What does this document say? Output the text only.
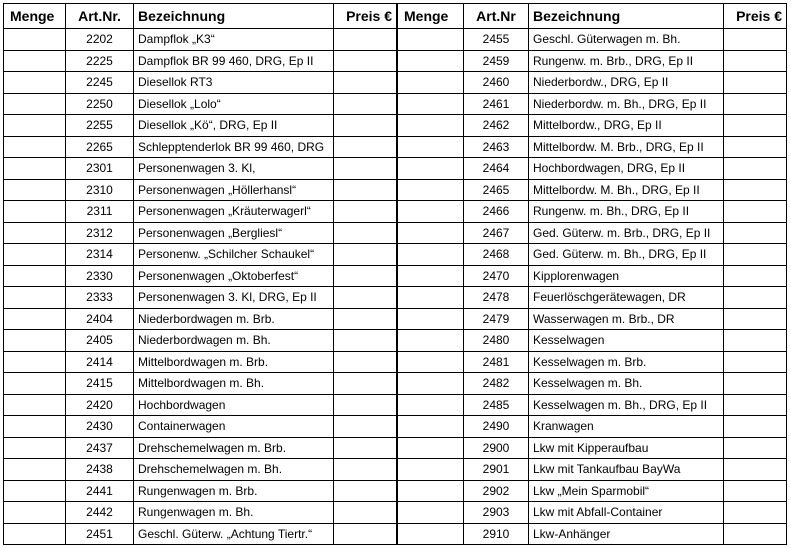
Menge	Art.Nr.	Bezeichnung	Preis €
	2202	Dampflok „K3“	
	2225	Dampflok BR 99 460, DRG, Ep II	
	2245	Diesellok RT3	
	2250	Diesellok „Lolo“	
	2255	Diesellok „Kö“, DRG, Ep II	
	2265	Schlepptenderlok BR 99 460, DRG	
	2301	Personenwagen 3. Kl,	
	2310	Personenwagen „Höllerhansl“	
	2311	Personenwagen „Kräuterwagerl“	
	2312	Personenwagen „Bergliesl“	
	2314	Personenw. „Schilcher Schaukel“	
	2330	Personenwagen „Oktoberfest“	
	2333	Personenwagen 3. Kl, DRG, Ep II	
	2404	Niederbordwagen m. Brb.	
	2405	Niederbordwagen m. Bh.	
	2414	Mittelbordwagen m. Brb.	
	2415	Mittelbordwagen m. Bh.	
	2420	Hochbordwagen	
	2430	Containerwagen	
	2437	Drehschemelwagen m. Brb.	
	2438	Drehschemelwagen m. Bh.	
	2441	Rungenwagen m. Brb.	
	2442	Rungenwagen m. Bh.	
	2451	Geschl. Güterw. „Achtung Tiertr.“	
Menge	Art.Nr	Bezeichnung	Preis €
	2455	Geschl. Güterwagen m. Bh.	
	2459	Rungenw. m. Brb., DRG, Ep II	
	2460	Niederbordw., DRG, Ep II	
	2461	Niederbordw. m. Bh., DRG, Ep II	
	2462	Mittelbordw., DRG, Ep II	
	2463	Mittelbordw. M. Brb., DRG, Ep II	
	2464	Hochbordwagen, DRG, Ep II	
	2465	Mittelbordw. M. Bh., DRG, Ep II	
	2466	Rungenw. m. Bh., DRG, Ep II	
	2467	Ged. Güterw. m. Brb., DRG, Ep II	
	2468	Ged. Güterw. m. Bh., DRG, Ep II	
	2470	Kipplorenwagen	
	2478	Feuerlöschgerätewagen, DR	
	2479	Wasserwagen m. Brb., DR	
	2480	Kesselwagen	
	2481	Kesselwagen m. Brb.	
	2482	Kesselwagen m. Bh.	
	2485	Kesselwagen m. Bh., DRG, Ep II	
	2490	Kranwagen	
	2900	Lkw mit Kipperaufbau	
	2901	Lkw mit Tankaufbau BayWa	
	2902	Lkw „Mein Sparmobil“	
	2903	Lkw mit Abfall-Container	
	2910	Lkw-Anhänger	
